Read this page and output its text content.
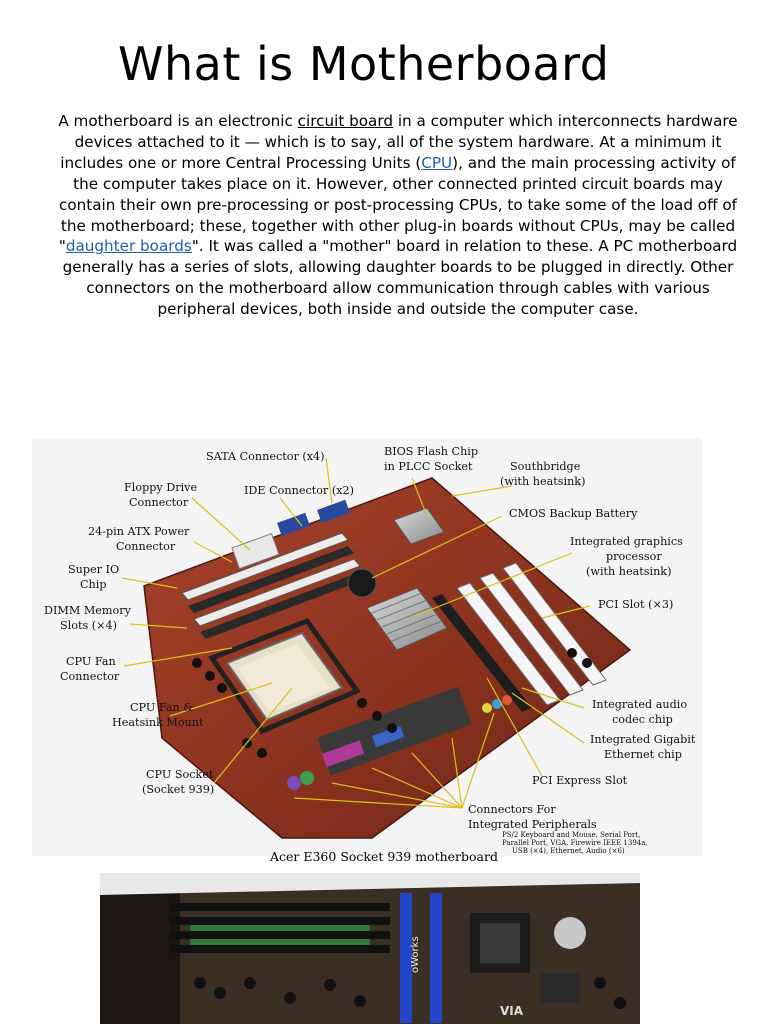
What is Motherboard

A motherboard is an electronic circuit board in a computer which interconnects hardware devices attached to it — which is to say, all of the system hardware. At a minimum it includes one or more Central Processing Units (CPU), and the main processing activity of the computer takes place on it. However, other connected printed circuit boards may contain their own pre-processing or post-processing CPUs, to take some of the load off of the motherboard; these, together with other plug-in boards without CPUs, may be called "daughter boards". It was called a "mother" board in relation to these. A PC motherboard generally has a series of slots, allowing daughter boards to be plugged in directly. Other connectors on the motherboard allow communication through cables with various peripheral devices, both inside and outside the computer case.

SATA Connector (x4)	BIOS Flash Chip
in PLCC Socket	Southbridge
(with heatsink)
Floppy Drive
Connector
IDE Connector (x2)
CMOS Backup Battery
24-pin ATX Power
Connector	Integrated graphics
processor
(with heatsink)
Super IO
Chip
PCI Slot (×3)
DIMM Memory
Slots (×4)
CPU Fan
Connector
CPU Fan &
Heatsink Mount
Integrated audio
codec chip
Integrated Gigabit
Ethernet chip
CPU Socket
(Socket 939)
PCI Express Slot
Connectors For
Integrated Peripherals
PS/2 Keyboard and Mouse, Serial Port,
Parallel Port, VGA, Firewire IEEE 1394a,
USB (×4), Ethernet, Audio (×6)
Acer E360 Socket 939 motherboard
oWorks
VIA
